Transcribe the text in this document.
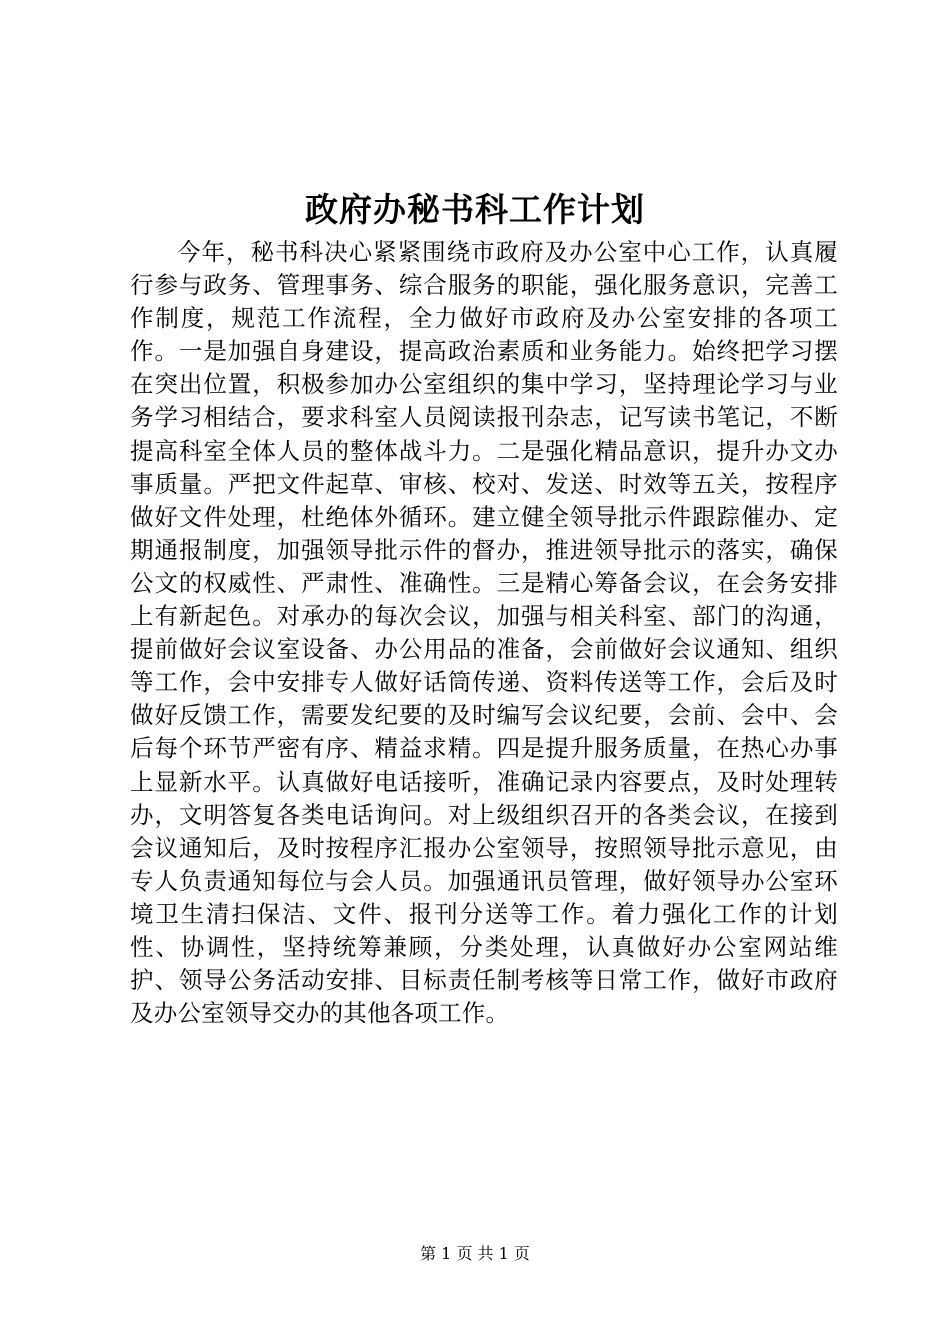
政府办秘书科工作计划

今年，秘书科决心紧紧围绕市政府及办公室中心工作，认真履行参与政务、管理事务、综合服务的职能，强化服务意识，完善工作制度，规范工作流程，全力做好市政府及办公室安排的各项工作。一是加强自身建设，提高政治素质和业务能力。始终把学习摆在突出位置，积极参加办公室组织的集中学习，坚持理论学习与业务学习相结合，要求科室人员阅读报刊杂志，记写读书笔记，不断提高科室全体人员的整体战斗力。二是强化精品意识，提升办文办事质量。严把文件起草、审核、校对、发送、时效等五关，按程序做好文件处理，杜绝体外循环。建立健全领导批示件跟踪催办、定期通报制度，加强领导批示件的督办，推进领导批示的落实，确保公文的权威性、严肃性、准确性。三是精心筹备会议，在会务安排上有新起色。对承办的每次会议，加强与相关科室、部门的沟通，提前做好会议室设备、办公用品的准备，会前做好会议通知、组织等工作，会中安排专人做好话筒传递、资料传送等工作，会后及时做好反馈工作，需要发纪要的及时编写会议纪要，会前、会中、会后每个环节严密有序、精益求精。四是提升服务质量，在热心办事上显新水平。认真做好电话接听，准确记录内容要点，及时处理转办，文明答复各类电话询问。对上级组织召开的各类会议，在接到会议通知后，及时按程序汇报办公室领导，按照领导批示意见，由专人负责通知每位与会人员。加强通讯员管理，做好领导办公室环境卫生清扫保洁、文件、报刊分送等工作。着力强化工作的计划性、协调性，坚持统筹兼顾，分类处理，认真做好办公室网站维护、领导公务活动安排、目标责任制考核等日常工作，做好市政府及办公室领导交办的其他各项工作。

第 1 页 共 1 页
